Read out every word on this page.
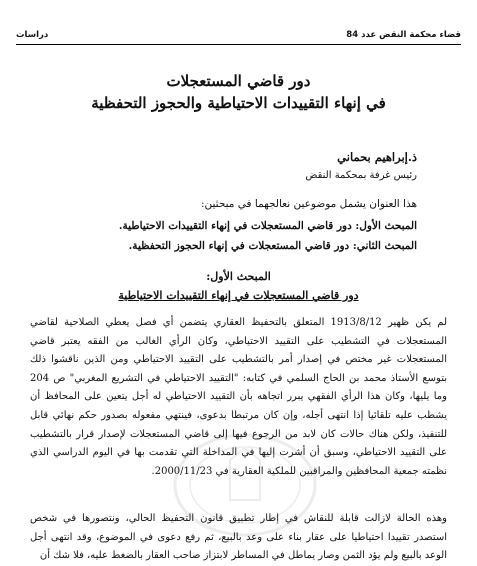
قضاء محكمة النقض عدد 84
دراسات
دور قاضي المستعجلات
في إنهاء التقييدات الاحتياطية والحجوز التحفظية
ذ.إبراهيم بحماني
رئيس غرفة بمحكمة النقض
هذا العنوان يشمل موضوعين نعالجهما في مبحثين:
المبحث الأول: دور قاضي المستعجلات في إنهاء التقييدات الاحتياطية.
المبحث الثاني: دور قاضي المستعجلات في إنهاء الحجوز التحفظية.
المبحث الأول:
دور قاضي المستعجلات في إنهاء التقييدات الاحتياطية
لم يكن ظهير 1913/8/12 المتعلق بالتحفيظ العقاري يتضمن أي فصل يعطي الصلاحية لقاضي المستعجلات في التشطيب على التقييد الاحتياطي، وكان الرأي الغالب من الفقه يعتبر قاضي المستعجلات غير مختص في إصدار أمر بالتشطيب على التقييد الاحتياطي ومن الذين ناقشوا ذلك بتوسع الأستاذ محمد بن الحاج السلمي في كتابه: "التقييد الاحتياطي في التشريع المغربي" ص 204 وما يليها، وكان هذا الرأي الفقهي يبرر اتجاهه بأن التقييد الاحتياطي له أجل يتعين على المحافظ أن يشطب عليه تلقائيا إذا انتهى أجله، وإن كان مرتبطا بدعوى، فينتهي مفعوله بصدور حكم نهائي قابل للتنفيذ، ولكن هناك حالات كان لابد من الرجوع فيها إلى قاضي المستعجلات لإصدار قرار بالتشطيب على التقييد الاحتياطي، وسبق أن أشرت إليها في المداخلة التي تقدمت بها في اليوم الدراسي الذي نظمته جمعية المحافظين والمراقبين للملكية العقارية في 2000/11/23.
وهذه الحالة لازالت قابلة للنقاش في إطار تطبيق قانون التحفيظ الحالي، ونتصورها في شخص استصدر تقييدا احتياطيا على عقار بناء على وعد بالبيع، ثم رفع دعوى في الموضوع، وقد انتهى أجل الوعد بالبيع ولم يؤد الثمن وصار يماطل في المساطر لابتزاز صاحب العقار بالضغط عليه، فلا شك أن
